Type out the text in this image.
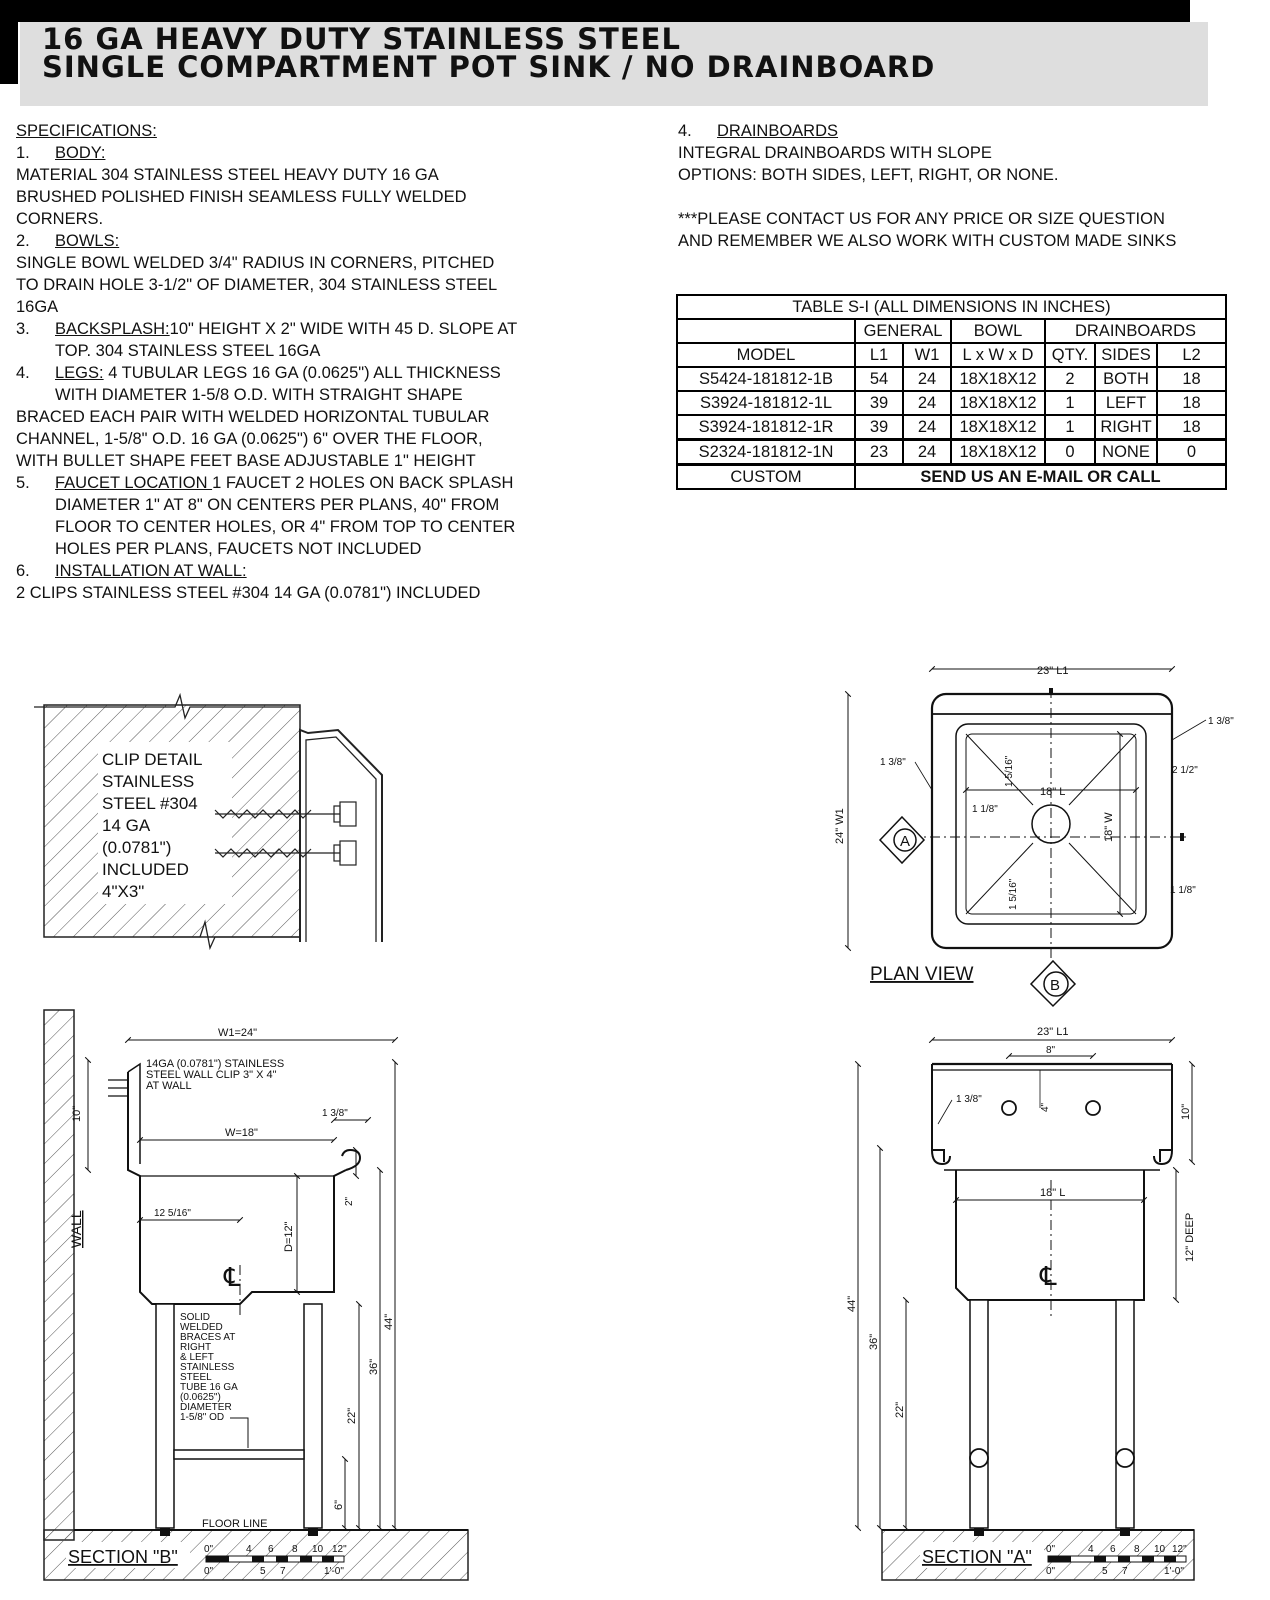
16 GA HEAVY DUTY STAINLESS STEEL
SINGLE COMPARTMENT POT SINK / NO DRAINBOARD
SPECIFICATIONS:
1. BODY:
MATERIAL 304 STAINLESS STEEL HEAVY DUTY 16 GA
BRUSHED POLISHED FINISH SEAMLESS FULLY WELDED
CORNERS.
2. BOWLS:
SINGLE BOWL WELDED 3/4" RADIUS IN CORNERS, PITCHED
TO DRAIN HOLE 3-1/2" OF DIAMETER, 304 STAINLESS STEEL
16GA
3. BACKSPLASH:10" HEIGHT X 2" WIDE WITH 45 D. SLOPE AT
TOP. 304 STAINLESS STEEL 16GA
4. LEGS: 4 TUBULAR LEGS 16 GA (0.0625") ALL THICKNESS
WITH DIAMETER 1-5/8 O.D. WITH STRAIGHT SHAPE
BRACED EACH PAIR WITH WELDED HORIZONTAL TUBULAR
CHANNEL, 1-5/8" O.D. 16 GA (0.0625") 6" OVER THE FLOOR,
WITH BULLET SHAPE FEET BASE ADJUSTABLE 1" HEIGHT
5. FAUCET LOCATION 1 FAUCET 2 HOLES ON BACK SPLASH
DIAMETER 1" AT 8" ON CENTERS PER PLANS, 40" FROM
FLOOR TO CENTER HOLES, OR 4" FROM TOP TO CENTER
HOLES PER PLANS, FAUCETS NOT INCLUDED
6. INSTALLATION AT WALL:
2 CLIPS STAINLESS STEEL #304 14 GA (0.0781") INCLUDED
4. DRAINBOARDS
INTEGRAL DRAINBOARDS WITH SLOPE
OPTIONS: BOTH SIDES, LEFT, RIGHT, OR NONE.
***PLEASE CONTACT US FOR ANY PRICE OR SIZE QUESTION
AND REMEMBER WE ALSO WORK WITH CUSTOM MADE SINKS
TABLE S-I (ALL DIMENSIONS IN INCHES)						
	GENERAL		BOWL	DRAINBOARDS		
MODEL	L1	W1	L x W x D	QTY.	SIDES	L2
S5424-181812-1B	54	24	18X18X12	2	BOTH	18
S3924-181812-1L	39	24	18X18X12	1	LEFT	18
S3924-181812-1R	39	24	18X18X12	1	RIGHT	18
S2324-181812-1N	23	24	18X18X12	0	NONE	0
CUSTOM	SEND US AN E-MAIL OR CALL					
CLIP DETAIL
STAINLESS
STEEL #304
14 GA
(0.0781")
INCLUDED
4"X3"
23" L1
24" W1
18" L
18" W
1 3/8"
1 3/8"
2 1/2"
1 1/8"
1 1/8"
1 5/16"
1 5/16"
A
B
PLAN VIEW
WALL
℄
W1=24"
W=18"
14GA (0.0781") STAINLESS
STEEL WALL CLIP 3" X 4"
AT WALL
10"	1 3/8"
2"
12 5/16"
D=12"
44"
36"
22"
6"
SOLID
WELDED
BRACES AT
RIGHT
& LEFT
STAINLESS
STEEL
TUBE 16 GA
(0.0625")
DIAMETER
1-5/8" OD
FLOOR LINE
SECTION "B"	0"	4 6 8 10 12"
0"	5 7	1'-0"
℄
23" L1
8"
1 3/8"
4"	10"
18" L
12" DEEP
44"
36"
22"
SECTION "A" 0"	4 6 8 10 12"
0"	5 7	1'-0"
